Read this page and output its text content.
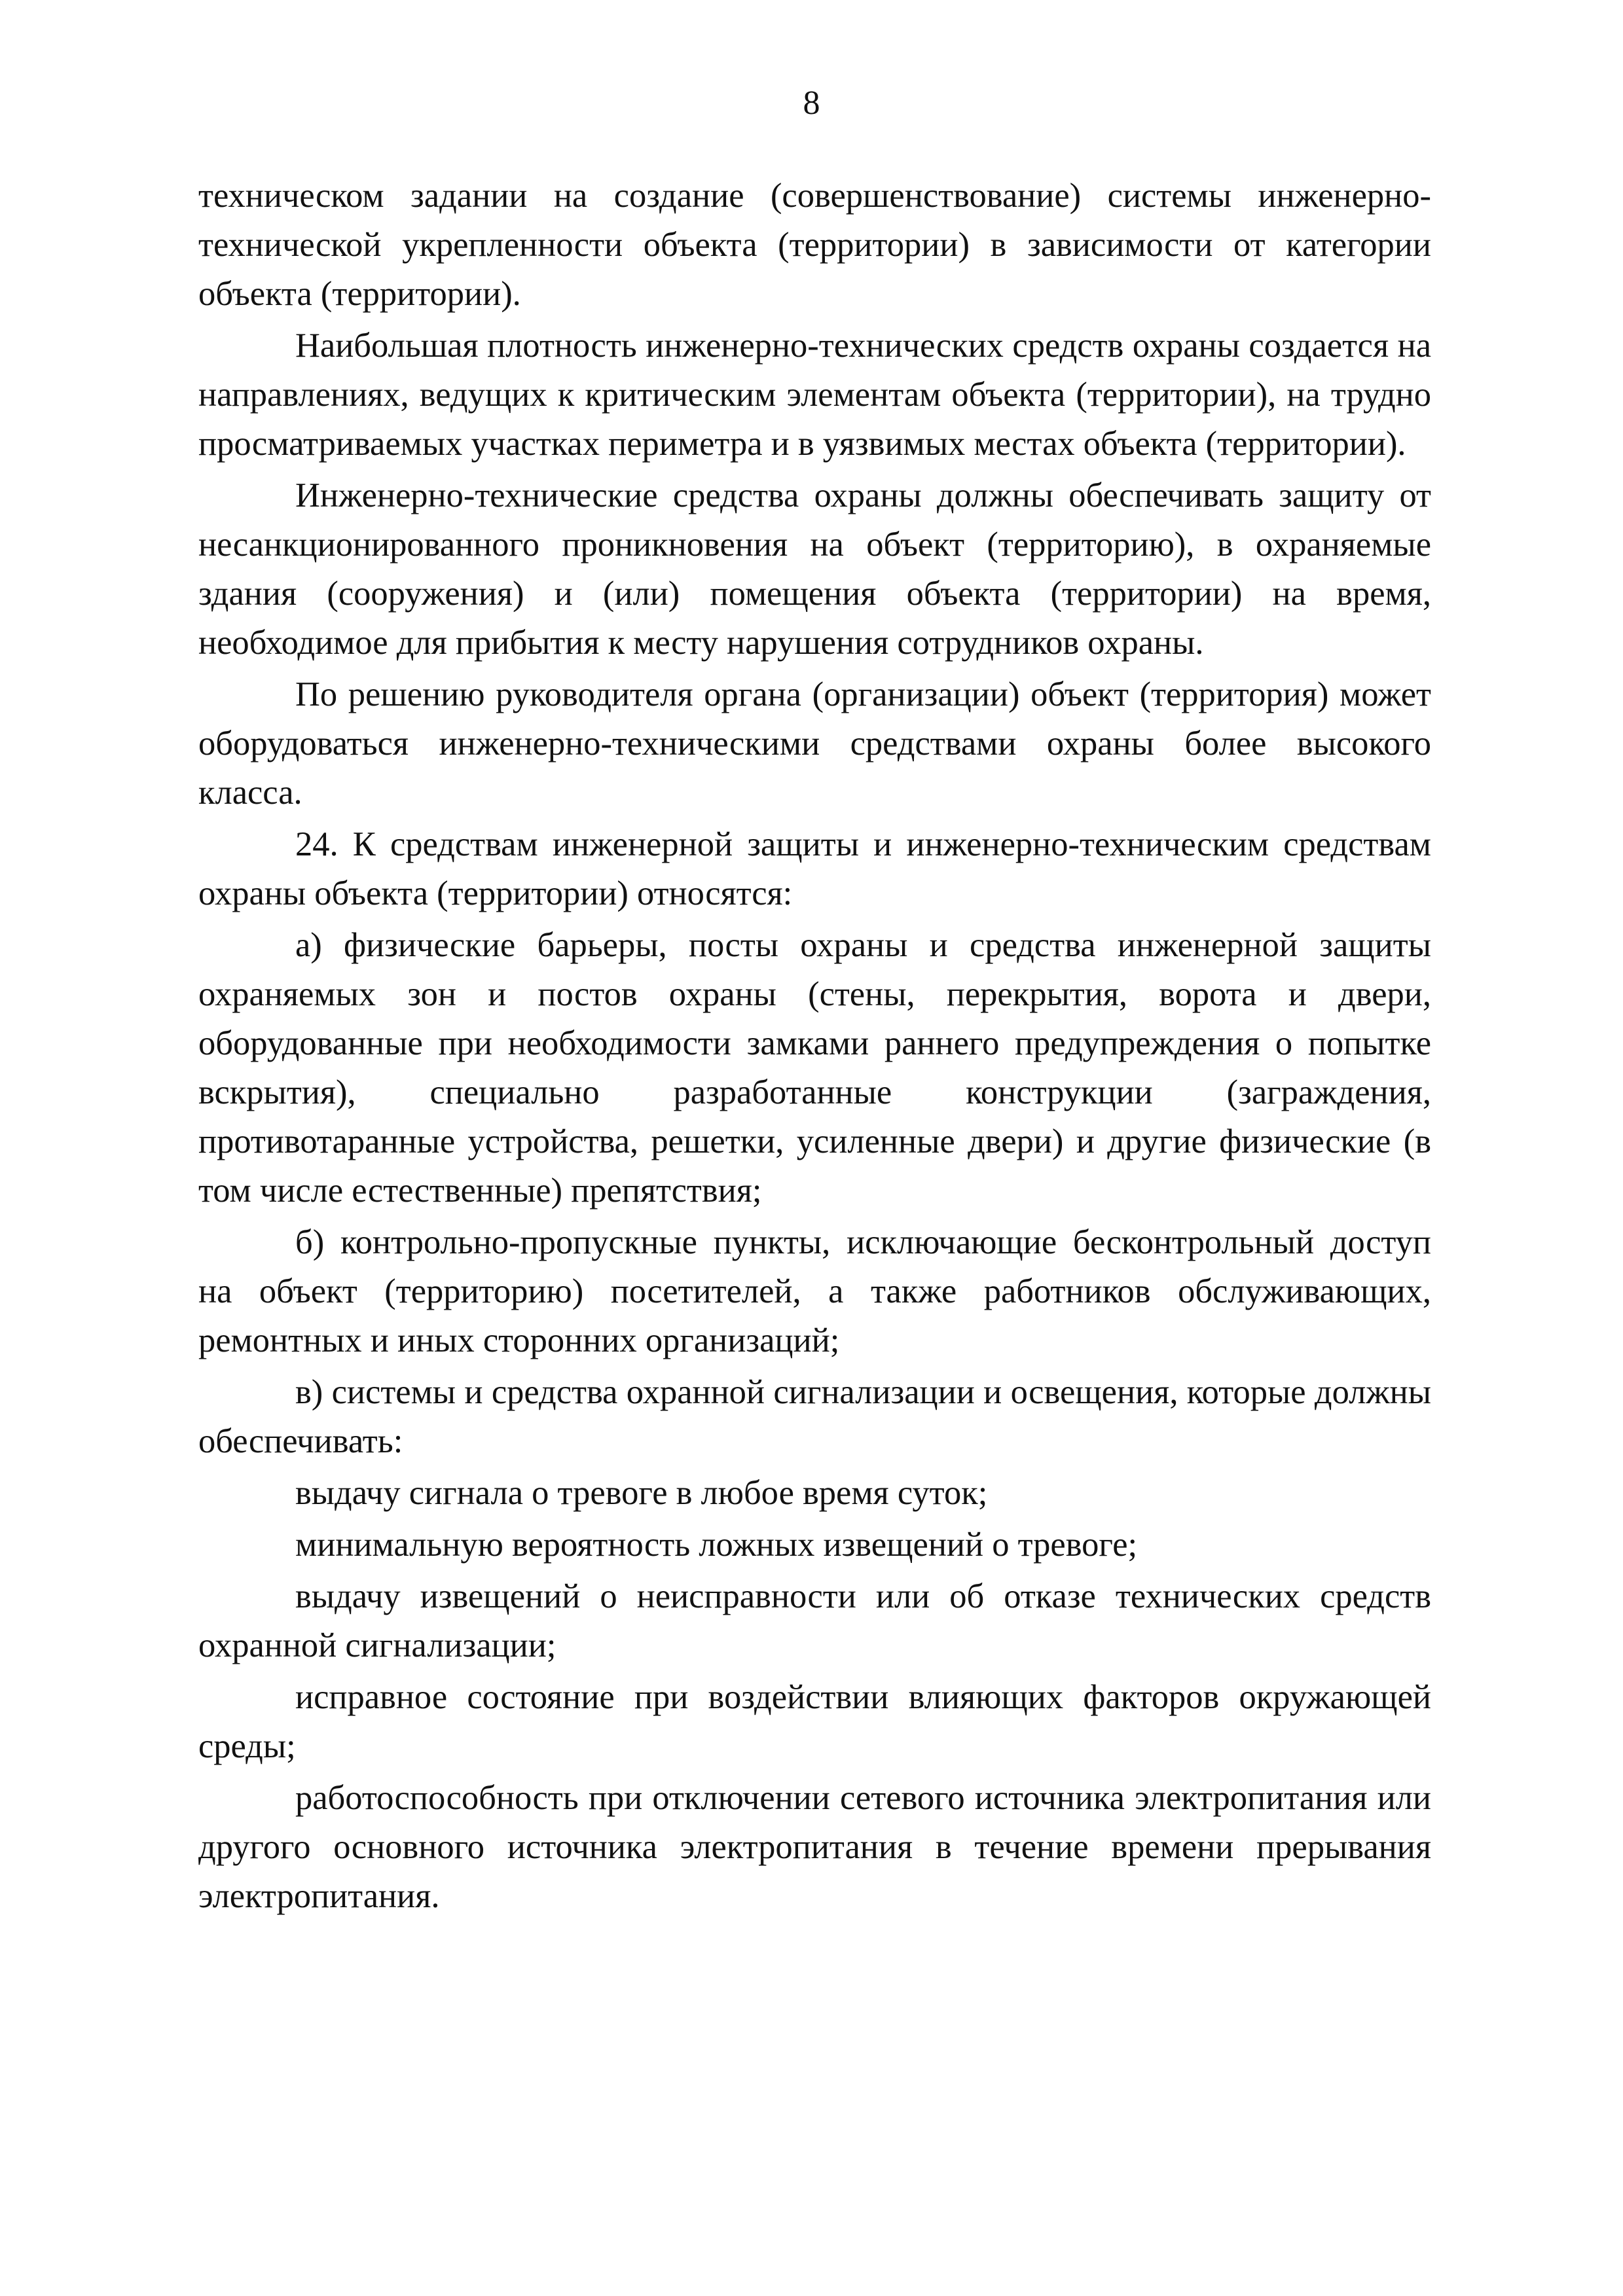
8

техническом задании на создание (совершенствование) системы инженерно-технической укрепленности объекта (территории) в зависимости от категории объекта (территории).

Наибольшая плотность инженерно-технических средств охраны создается на направлениях, ведущих к критическим элементам объекта (территории), на трудно просматриваемых участках периметра и в уязвимых местах объекта (территории).

Инженерно-технические средства охраны должны обеспечивать защиту от несанкционированного проникновения на объект (территорию), в охраняемые здания (сооружения) и (или) помещения объекта (территории) на время, необходимое для прибытия к месту нарушения сотрудников охраны.

По решению руководителя органа (организации) объект (территория) может оборудоваться инженерно-техническими средствами охраны более высокого класса.

24. К средствам инженерной защиты и инженерно-техническим средствам охраны объекта (территории) относятся:

а) физические барьеры, посты охраны и средства инженерной защиты охраняемых зон и постов охраны (стены, перекрытия, ворота и двери, оборудованные при необходимости замками раннего предупреждения о попытке вскрытия), специально разработанные конструкции (заграждения, противотаранные устройства, решетки, усиленные двери) и другие физические (в том числе естественные) препятствия;

б) контрольно-пропускные пункты, исключающие бесконтрольный доступ на объект (территорию) посетителей, а также работников обслуживающих, ремонтных и иных сторонних организаций;

в) системы и средства охранной сигнализации и освещения, которые должны обеспечивать:

выдачу сигнала о тревоге в любое время суток;

минимальную вероятность ложных извещений о тревоге;

выдачу извещений о неисправности или об отказе технических средств охранной сигнализации;

исправное состояние при воздействии влияющих факторов окружающей среды;

работоспособность при отключении сетевого источника электропитания или другого основного источника электропитания в течение времени прерывания электропитания.
